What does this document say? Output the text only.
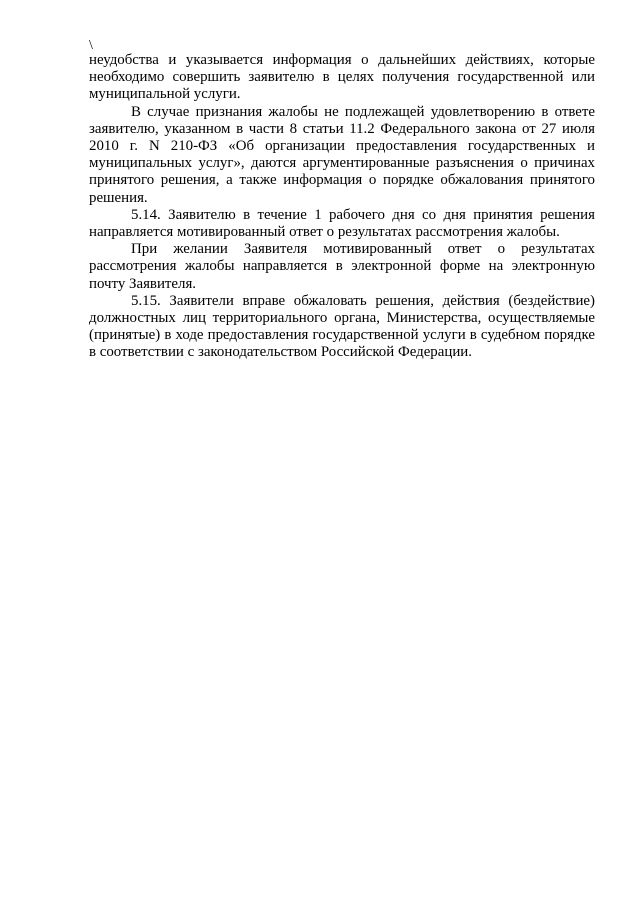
\

неудобства и указывается информация о дальнейших действиях, которые необходимо совершить заявителю в целях получения государственной или муниципальной услуги.

В случае признания жалобы не подлежащей удовлетворению в ответе заявителю, указанном в части 8 статьи 11.2 Федерального закона от 27 июля 2010 г. N 210-ФЗ «Об организации предоставления государственных и муниципальных услуг», даются аргументированные разъяснения о причинах принятого решения, а также информация о порядке обжалования принятого решения.

5.14. Заявителю в течение 1 рабочего дня со дня принятия решения направляется мотивированный ответ о результатах рассмотрения жалобы.

При желании Заявителя мотивированный ответ о результатах рассмотрения жалобы направляется в электронной форме на электронную почту Заявителя.

5.15. Заявители вправе обжаловать решения, действия (бездействие) должностных лиц территориального органа, Министерства, осуществляемые (принятые) в ходе предоставления государственной услуги в судебном порядке в соответствии с законодательством Российской Федерации.
